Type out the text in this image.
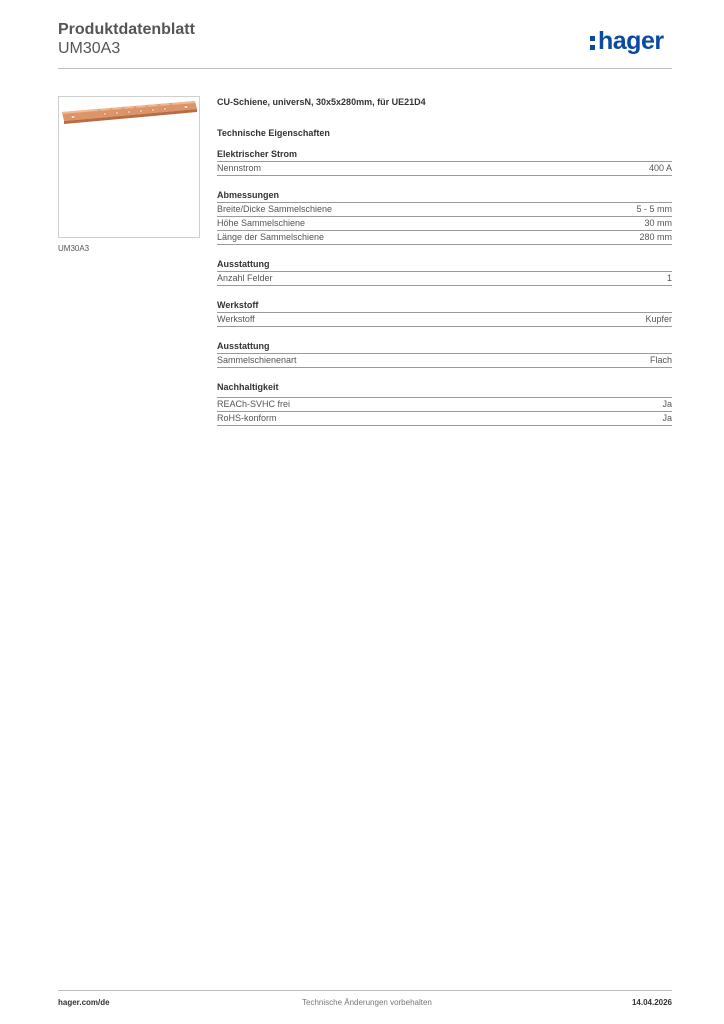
Produktdatenblatt
UM30A3	hager
UM30A3
CU-Schiene, universN, 30x5x280mm, für UE21D4
Technische Eigenschaften
Elektrischer Strom
Nennstrom	400 A
Abmessungen
Breite/Dicke Sammelschiene	5 - 5 mm
Höhe Sammelschiene	30 mm
Länge der Sammelschiene	280 mm
Ausstattung
Anzahl Felder	1
Werkstoff
Werkstoff	Kupfer
Ausstattung
Sammelschienenart	Flach
Nachhaltigkeit
REACh-SVHC frei	Ja
RoHS-konform	Ja
hager.com/de	Technische Änderungen vorbehalten	14.04.2026
